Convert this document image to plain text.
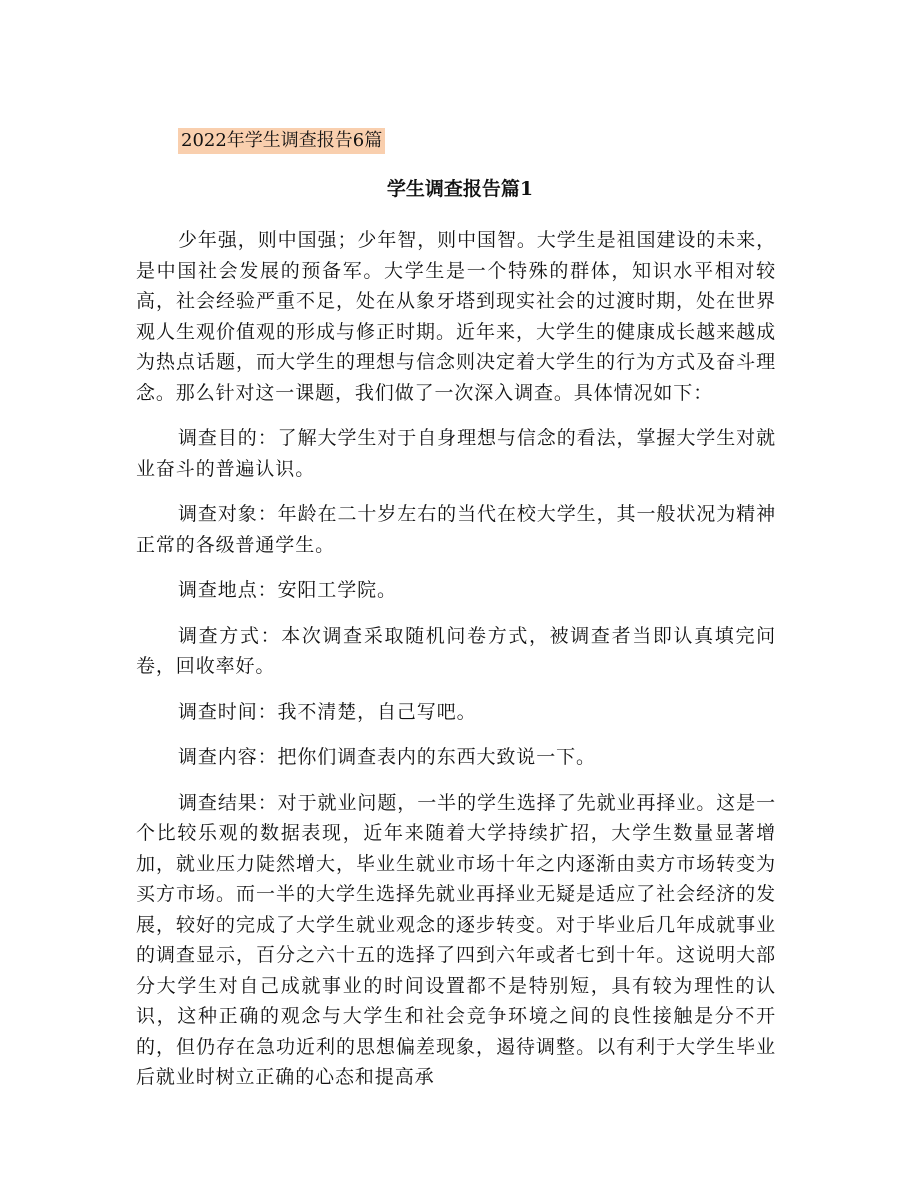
2022年学生调查报告6篇
学生调查报告篇1

少年强，则中国强；少年智，则中国智。大学生是祖国建设的未来，是中国社会发展的预备军。大学生是一个特殊的群体，知识水平相对较高，社会经验严重不足，处在从象牙塔到现实社会的过渡时期，处在世界观人生观价值观的形成与修正时期。近年来，大学生的健康成长越来越成为热点话题，而大学生的理想与信念则决定着大学生的行为方式及奋斗理念。那么针对这一课题，我们做了一次深入调查。具体情况如下：

调查目的：了解大学生对于自身理想与信念的看法，掌握大学生对就业奋斗的普遍认识。

调查对象：年龄在二十岁左右的当代在校大学生，其一般状况为精神正常的各级普通学生。

调查地点：安阳工学院。

调查方式：本次调查采取随机问卷方式，被调查者当即认真填完问卷，回收率好。

调查时间：我不清楚，自己写吧。

调查内容：把你们调查表内的东西大致说一下。

调查结果：对于就业问题，一半的学生选择了先就业再择业。这是一个比较乐观的数据表现，近年来随着大学持续扩招，大学生数量显著增加，就业压力陡然增大，毕业生就业市场十年之内逐渐由卖方市场转变为买方市场。而一半的大学生选择先就业再择业无疑是适应了社会经济的发展，较好的完成了大学生就业观念的逐步转变。对于毕业后几年成就事业的调查显示，百分之六十五的选择了四到六年或者七到十年。这说明大部分大学生对自己成就事业的时间设置都不是特别短，具有较为理性的认识，这种正确的观念与大学生和社会竞争环境之间的良性接触是分不开的，但仍存在急功近利的思想偏差现象，遏待调整。以有利于大学生毕业后就业时树立正确的心态和提高承
